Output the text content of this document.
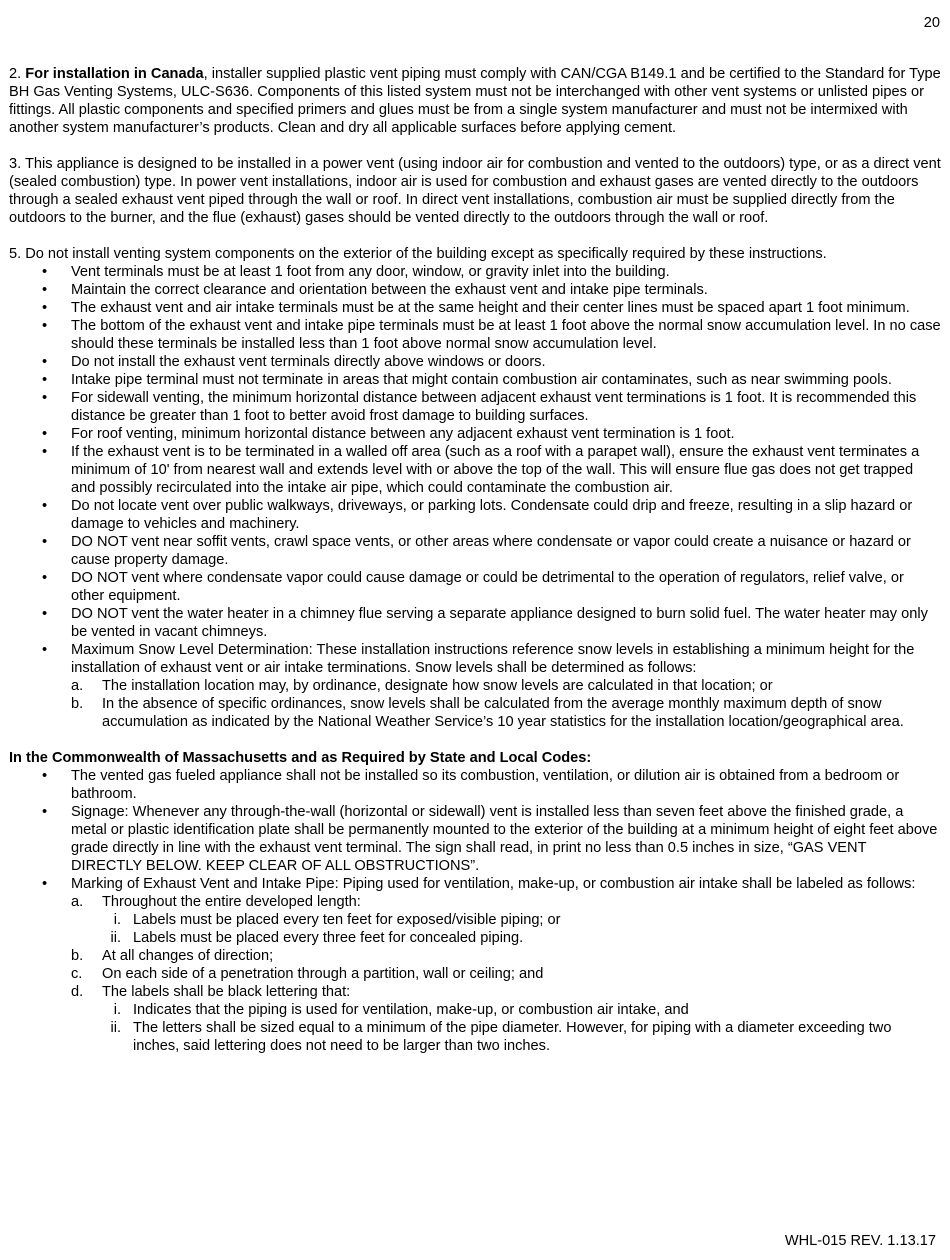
20

2. For installation in Canada, installer supplied plastic vent piping must comply with CAN/CGA B149.1 and be certified to the Standard for Type BH Gas Venting Systems, ULC-S636. Components of this listed system must not be interchanged with other vent systems or unlisted pipes or fittings. All plastic components and specified primers and glues must be from a single system manufacturer and must not be intermixed with another system manufacturer’s products. Clean and dry all applicable surfaces before applying cement.

3. This appliance is designed to be installed in a power vent (using indoor air for combustion and vented to the outdoors) type, or as a direct vent (sealed combustion) type. In power vent installations, indoor air is used for combustion and exhaust gases are vented directly to the outdoors through a sealed exhaust vent piped through the wall or roof. In direct vent installations, combustion air must be supplied directly from the outdoors to the burner, and the flue (exhaust) gases should be vented directly to the outdoors through the wall or roof.

5. Do not install venting system components on the exterior of the building except as specifically required by these instructions.

• Vent terminals must be at least 1 foot from any door, window, or gravity inlet into the building.
• Maintain the correct clearance and orientation between the exhaust vent and intake pipe terminals.
• The exhaust vent and air intake terminals must be at the same height and their center lines must be spaced apart 1 foot minimum.
• The bottom of the exhaust vent and intake pipe terminals must be at least 1 foot above the normal snow accumulation level. In no case should these terminals be installed less than 1 foot above normal snow accumulation level.
• Do not install the exhaust vent terminals directly above windows or doors.
• Intake pipe terminal must not terminate in areas that might contain combustion air contaminates, such as near swimming pools.
• For sidewall venting, the minimum horizontal distance between adjacent exhaust vent terminations is 1 foot. It is recommended this distance be greater than 1 foot to better avoid frost damage to building surfaces.
• For roof venting, minimum horizontal distance between any adjacent exhaust vent termination is 1 foot.
• If the exhaust vent is to be terminated in a walled off area (such as a roof with a parapet wall), ensure the exhaust vent terminates a minimum of 10' from nearest wall and extends level with or above the top of the wall. This will ensure flue gas does not get trapped and possibly recirculated into the intake air pipe, which could contaminate the combustion air.
• Do not locate vent over public walkways, driveways, or parking lots. Condensate could drip and freeze, resulting in a slip hazard or damage to vehicles and machinery.
• DO NOT vent near soffit vents, crawl space vents, or other areas where condensate or vapor could create a nuisance or hazard or cause property damage.
• DO NOT vent where condensate vapor could cause damage or could be detrimental to the operation of regulators, relief valve, or other equipment.
• DO NOT vent the water heater in a chimney flue serving a separate appliance designed to burn solid fuel. The water heater may only be vented in vacant chimneys.
• Maximum Snow Level Determination: These installation instructions reference snow levels in establishing a minimum height for the installation of exhaust vent or air intake terminations. Snow levels shall be determined as follows:
a. The installation location may, by ordinance, designate how snow levels are calculated in that location; or
b. In the absence of specific ordinances, snow levels shall be calculated from the average monthly maximum depth of snow accumulation as indicated by the National Weather Service’s 10 year statistics for the installation location/geographical area.
In the Commonwealth of Massachusetts and as Required by State and Local Codes:
• The vented gas fueled appliance shall not be installed so its combustion, ventilation, or dilution air is obtained from a bedroom or bathroom.
• Signage: Whenever any through-the-wall (horizontal or sidewall) vent is installed less than seven feet above the finished grade, a metal or plastic identification plate shall be permanently mounted to the exterior of the building at a minimum height of eight feet above grade directly in line with the exhaust vent terminal. The sign shall read, in print no less than 0.5 inches in size, “GAS VENT DIRECTLY BELOW. KEEP CLEAR OF ALL OBSTRUCTIONS”.
• Marking of Exhaust Vent and Intake Pipe: Piping used for ventilation, make-up, or combustion air intake shall be labeled as follows:
a. Throughout the entire developed length:
i. Labels must be placed every ten feet for exposed/visible piping; or
ii. Labels must be placed every three feet for concealed piping.
b. At all changes of direction;
c. On each side of a penetration through a partition, wall or ceiling; and
d. The labels shall be black lettering that:
i. Indicates that the piping is used for ventilation, make-up, or combustion air intake, and
ii. The letters shall be sized equal to a minimum of the pipe diameter. However, for piping with a diameter exceeding two inches, said lettering does not need to be larger than two inches.
WHL-015 REV. 1.13.17
